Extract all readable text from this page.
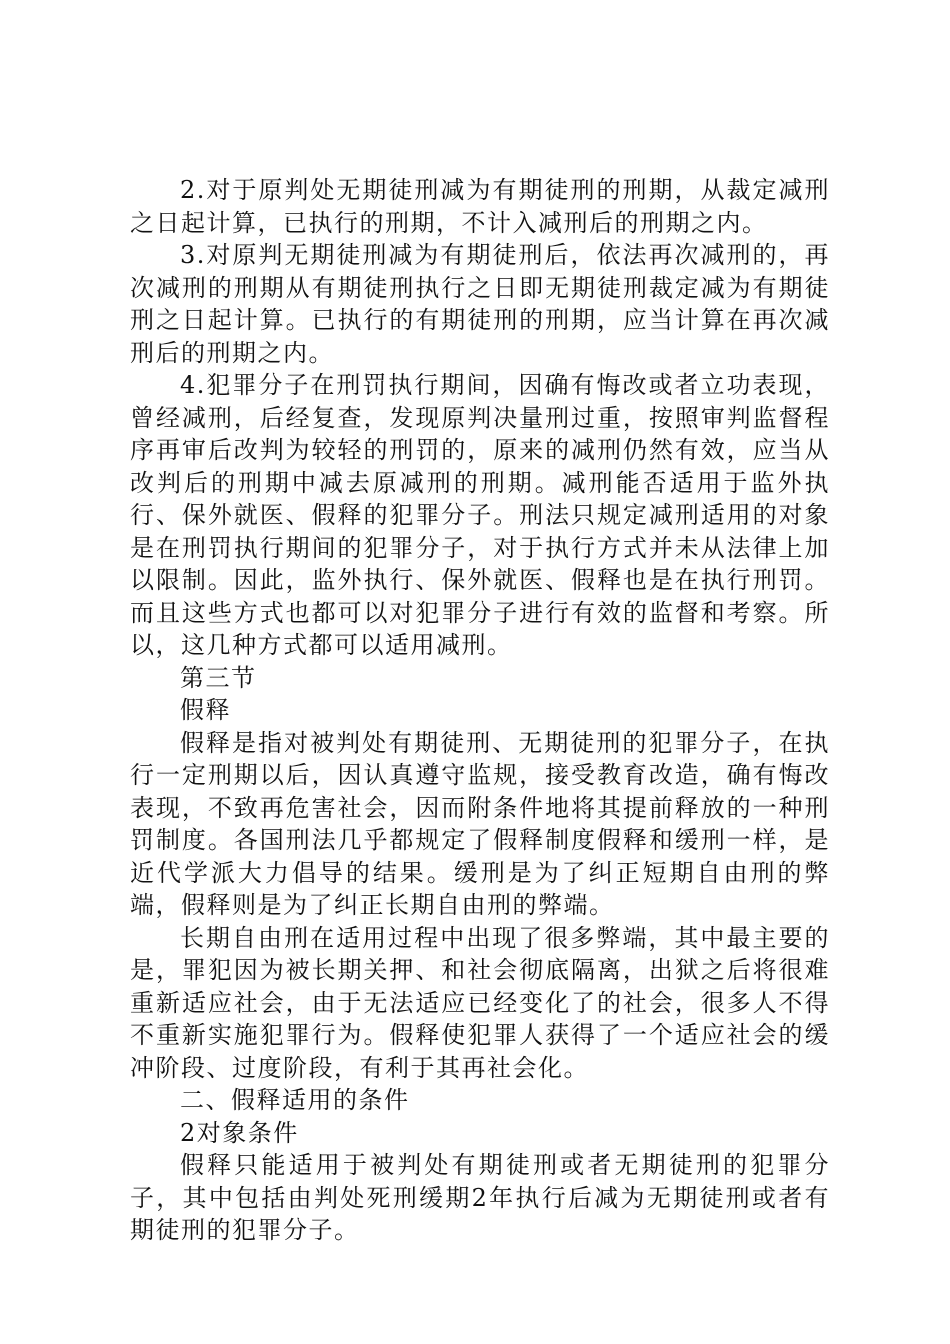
2.对于原判处无期徒刑减为有期徒刑的刑期，从裁定减刑之日起计算，已执行的刑期，不计入减刑后的刑期之内。

3.对原判无期徒刑减为有期徒刑后，依法再次减刑的，再次减刑的刑期从有期徒刑执行之日即无期徒刑裁定减为有期徒刑之日起计算。已执行的有期徒刑的刑期，应当计算在再次减刑后的刑期之内。

4.犯罪分子在刑罚执行期间，因确有悔改或者立功表现，曾经减刑，后经复查，发现原判决量刑过重，按照审判监督程序再审后改判为较轻的刑罚的，原来的减刑仍然有效，应当从改判后的刑期中减去原减刑的刑期。减刑能否适用于监外执行、保外就医、假释的犯罪分子。刑法只规定减刑适用的对象是在刑罚执行期间的犯罪分子，对于执行方式并未从法律上加以限制。因此，监外执行、保外就医、假释也是在执行刑罚。而且这些方式也都可以对犯罪分子进行有效的监督和考察。所以，这几种方式都可以适用减刑。

第三节

假释

假释是指对被判处有期徒刑、无期徒刑的犯罪分子，在执行一定刑期以后，因认真遵守监规，接受教育改造，确有悔改表现，不致再危害社会，因而附条件地将其提前释放的一种刑罚制度。各国刑法几乎都规定了假释制度假释和缓刑一样，是近代学派大力倡导的结果。缓刑是为了纠正短期自由刑的弊端，假释则是为了纠正长期自由刑的弊端。

长期自由刑在适用过程中出现了很多弊端，其中最主要的是，罪犯因为被长期关押、和社会彻底隔离，出狱之后将很难重新适应社会，由于无法适应已经变化了的社会，很多人不得不重新实施犯罪行为。假释使犯罪人获得了一个适应社会的缓冲阶段、过度阶段，有利于其再社会化。

二、假释适用的条件

2对象条件

假释只能适用于被判处有期徒刑或者无期徒刑的犯罪分子，其中包括由判处死刑缓期2年执行后减为无期徒刑或者有期徒刑的犯罪分子。
